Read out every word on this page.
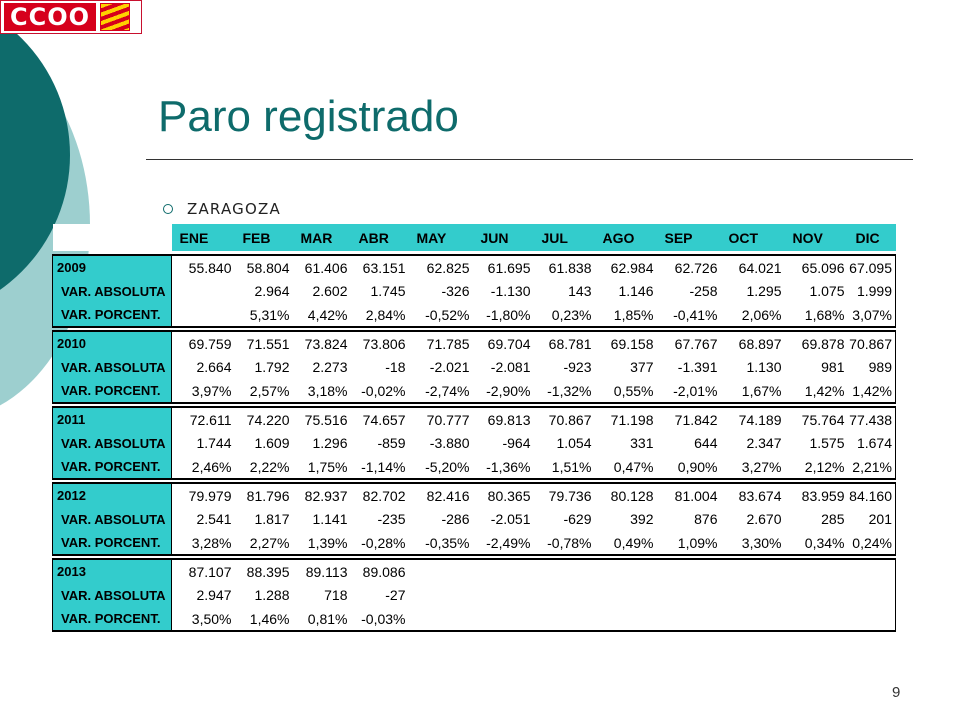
CCOO
Paro registrado
ZARAGOZA
	ENE	FEB	MAR	ABR	MAY	JUN	JUL	AGO	SEP	OCT	NOV	DIC

2009	55.840	58.804	61.406	63.151	62.825	61.695	61.838	62.984	62.726	64.021	65.096	67.095
VAR. ABSOLUTA		2.964	2.602	1.745	-326	-1.130	143	1.146	-258	1.295	1.075	1.999
VAR. PORCENT.		5,31%	4,42%	2,84%	-0,52%	-1,80%	0,23%	1,85%	-0,41%	2,06%	1,68%	3,07%

2010	69.759	71.551	73.824	73.806	71.785	69.704	68.781	69.158	67.767	68.897	69.878	70.867
VAR. ABSOLUTA	2.664	1.792	2.273	-18	-2.021	-2.081	-923	377	-1.391	1.130	981	989
VAR. PORCENT.	3,97%	2,57%	3,18%	-0,02%	-2,74%	-2,90%	-1,32%	0,55%	-2,01%	1,67%	1,42%	1,42%

2011	72.611	74.220	75.516	74.657	70.777	69.813	70.867	71.198	71.842	74.189	75.764	77.438
VAR. ABSOLUTA	1.744	1.609	1.296	-859	-3.880	-964	1.054	331	644	2.347	1.575	1.674
VAR. PORCENT.	2,46%	2,22%	1,75%	-1,14%	-5,20%	-1,36%	1,51%	0,47%	0,90%	3,27%	2,12%	2,21%

2012	79.979	81.796	82.937	82.702	82.416	80.365	79.736	80.128	81.004	83.674	83.959	84.160
VAR. ABSOLUTA	2.541	1.817	1.141	-235	-286	-2.051	-629	392	876	2.670	285	201
VAR. PORCENT.	3,28%	2,27%	1,39%	-0,28%	-0,35%	-2,49%	-0,78%	0,49%	1,09%	3,30%	0,34%	0,24%

2013	87.107	88.395	89.113	89.086								
VAR. ABSOLUTA	2.947	1.288	718	-27								
VAR. PORCENT.	3,50%	1,46%	0,81%	-0,03%								
9
